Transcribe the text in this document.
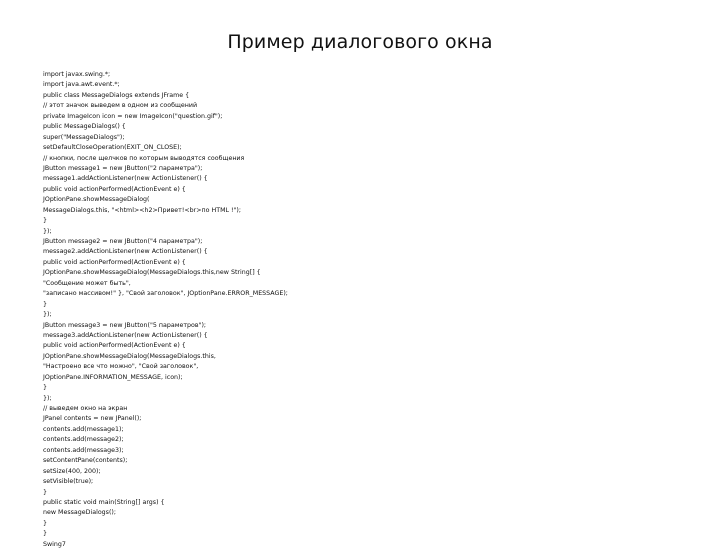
Пример диалогового окна
import javax.swing.*;
import java.awt.event.*;
public class MessageDialogs extends JFrame {
// этот значок выведем в одном из сообщений
private ImageIcon icon = new ImageIcon("question.gif");
public MessageDialogs() {
super("MessageDialogs");
setDefaultCloseOperation(EXIT_ON_CLOSE);
// кнопки, после щелчков по которым выводятся сообщения
JButton message1 = new JButton("2 параметра");
message1.addActionListener(new ActionListener() {
public void actionPerformed(ActionEvent e) {
JOptionPane.showMessageDialog(
MessageDialogs.this, "<html><h2>Привет!<br>по HTML !");
}
});
JButton message2 = new JButton("4 параметра");
message2.addActionListener(new ActionListener() {
public void actionPerformed(ActionEvent e) {
JOptionPane.showMessageDialog(MessageDialogs.this,new String[] {
"Сообщение может быть",
"записано массивом!" }, "Свой заголовок", JOptionPane.ERROR_MESSAGE);
}
});
JButton message3 = new JButton("5 параметров");
message3.addActionListener(new ActionListener() {
public void actionPerformed(ActionEvent e) {
JOptionPane.showMessageDialog(MessageDialogs.this,
"Настроено все что можно", "Свой заголовок",
JOptionPane.INFORMATION_MESSAGE, icon);
}
});
// выведем окно на экран
JPanel contents = new JPanel();
contents.add(message1);
contents.add(message2);
contents.add(message3);
setContentPane(contents);
setSize(400, 200);
setVisible(true);
}
public static void main(String[] args) {
new MessageDialogs();
}
}
Swing7
